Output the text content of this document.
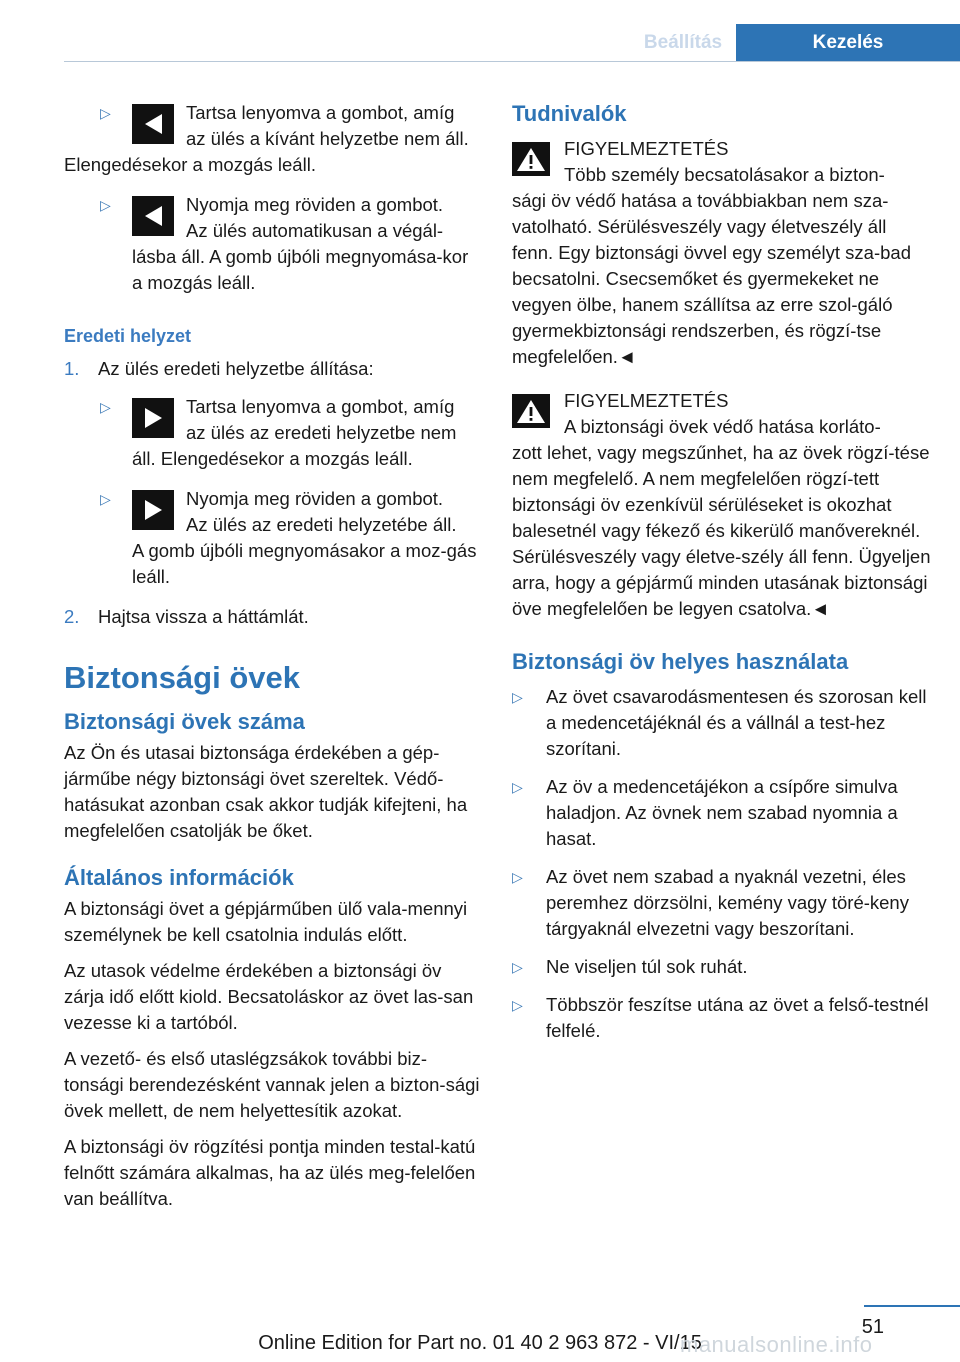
Beállítás	Kezelés
▷	Tartsa lenyomva a gombot, amíg
az ülés a kívánt helyzetbe nem áll.

Elengedésekor a mozgás leáll.

▷	Nyomja meg röviden a gombot.
Az ülés automatikusan a végál-

lásba áll. A gomb újbóli megnyomása-kor a mozgás leáll.

Eredeti helyzet
1. Az ülés eredeti helyzetbe állítása:

▷	Tartsa lenyomva a gombot, amíg
az ülés az eredeti helyzetbe nem

áll. Elengedésekor a mozgás leáll.

▷	Nyomja meg röviden a gombot.
Az ülés az eredeti helyzetébe áll.

A gomb újbóli megnyomásakor a moz-gás leáll.

2. Hajtsa vissza a háttámlát.

Biztonsági övek
Biztonsági övek száma

Az Ön és utasai biztonsága érdekében a gép-járműbe négy biztonsági övet szereltek. Védő-hatásukat azonban csak akkor tudják kifejteni, ha megfelelően csatolják be őket.

Általános információk

A biztonsági övet a gépjárműben ülő vala-mennyi személynek be kell csatolnia indulás előtt.

Az utasok védelme érdekében a biztonsági öv zárja idő előtt kiold. Becsatoláskor az övet las-san vezesse ki a tartóból.

A vezető- és első utaslégzsákok további biz-tonsági berendezésként vannak jelen a bizton-sági övek mellett, de nem helyettesítik azokat.

A biztonsági öv rögzítési pontja minden testal-katú felnőtt számára alkalmas, ha az ülés meg-felelően van beállítva.

Tudnivalók

FIGYELMEZTETÉS

Több személy becsatolásakor a bizton-

sági öv védő hatása a továbbiakban nem sza-vatolható. Sérülésveszély vagy életveszély áll fenn. Egy biztonsági övvel egy személyt sza-bad becsatolni. Csecsemőket és gyermekeket ne vegyen ölbe, hanem szállítsa az erre szol-gáló gyermekbiztonsági rendszerben, és rögzí-tse megfelelően.◄

FIGYELMEZTETÉS

A biztonsági övek védő hatása korláto-

zott lehet, vagy megszűnhet, ha az övek rögzí-tése nem megfelelő. A nem megfelelően rögzí-tett biztonsági öv ezenkívül sérüléseket is okozhat balesetnél vagy fékező és kikerülő manővereknél. Sérülésveszély vagy életve-szély áll fenn. Ügyeljen arra, hogy a gépjármű minden utasának biztonsági öve megfelelően be legyen csatolva.◄

Biztonsági öv helyes használata
▷ Az övet csavarodásmentesen és szorosan kell a medencetájéknál és a vállnál a test-hez szorítani.

▷ Az öv a medencetájékon a csípőre simulva haladjon. Az övnek nem szabad nyomnia a hasat.

▷ Az övet nem szabad a nyaknál vezetni, éles peremhez dörzsölni, kemény vagy töré-keny tárgyaknál elvezetni vagy beszorítani.

▷ Ne viseljen túl sok ruhát.

▷ Többször feszítse utána az övet a felső-testnél felfelé.

51
Online Edition for Part no. 01 40 2 963 872 - VI/15
manualsonline.info
